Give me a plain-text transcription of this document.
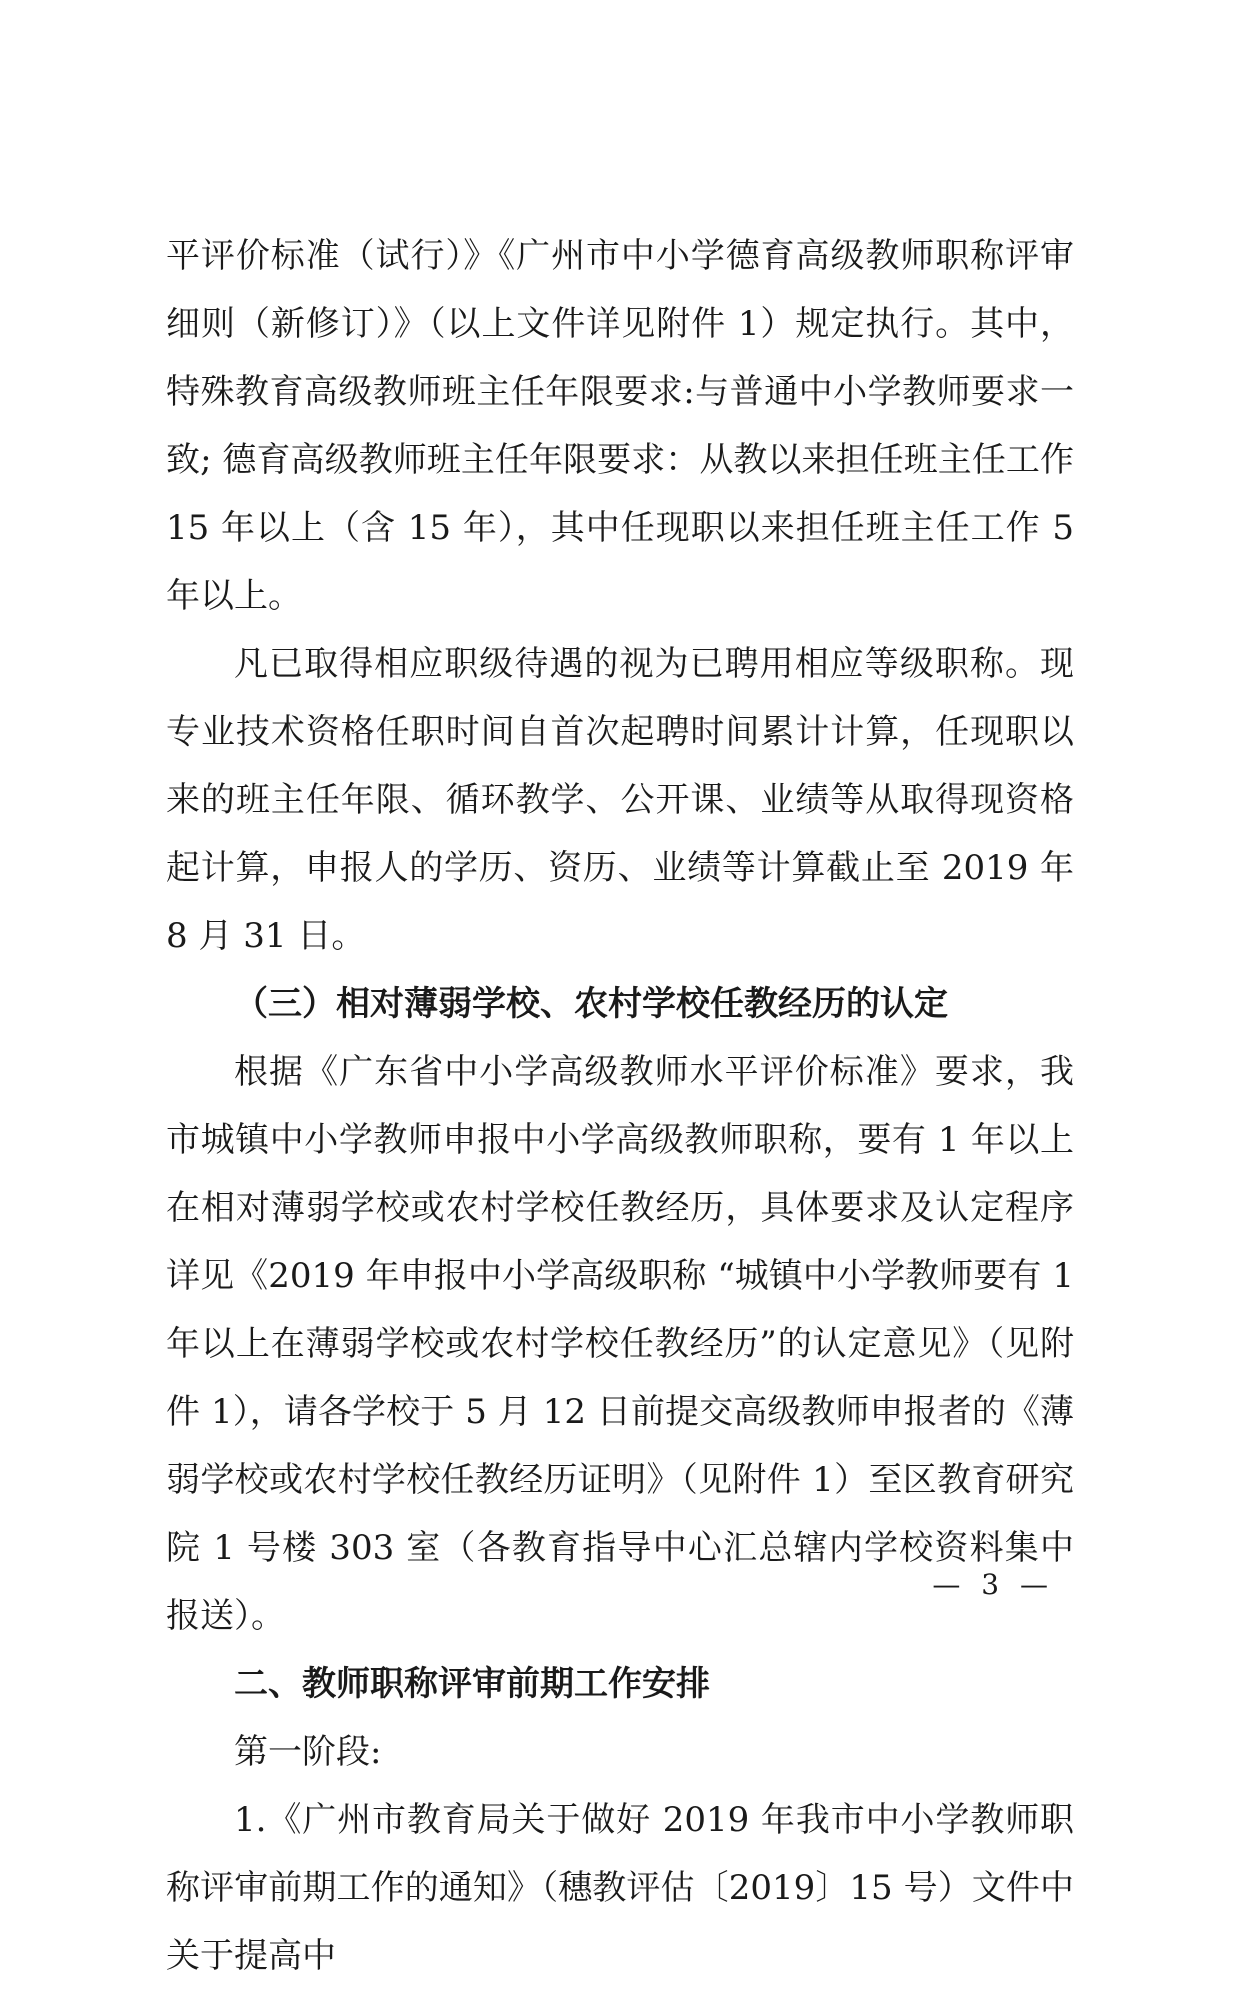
平评价标准（试行）》《广州市中小学德育高级教师职称评审细则（新修订）》（以上文件详见附件 1）规定执行。其中，特殊教育高级教师班主任年限要求:与普通中小学教师要求一致; 德育高级教师班主任年限要求：从教以来担任班主任工作 15 年以上（含 15 年），其中任现职以来担任班主任工作 5 年以上。

凡已取得相应职级待遇的视为已聘用相应等级职称。现专业技术资格任职时间自首次起聘时间累计计算，任现职以来的班主任年限、循环教学、公开课、业绩等从取得现资格起计算，申报人的学历、资历、业绩等计算截止至 2019 年 8 月 31 日。

（三）相对薄弱学校、农村学校任教经历的认定

根据《广东省中小学高级教师水平评价标准》要求，我市城镇中小学教师申报中小学高级教师职称，要有 1 年以上在相对薄弱学校或农村学校任教经历，具体要求及认定程序详见《2019 年申报中小学高级职称 “城镇中小学教师要有 1 年以上在薄弱学校或农村学校任教经历”的认定意见》（见附件 1），请各学校于 5 月 12 日前提交高级教师申报者的《薄弱学校或农村学校任教经历证明》（见附件 1）至区教育研究院 1 号楼 303 室（各教育指导中心汇总辖内学校资料集中报送）。

二、教师职称评审前期工作安排

第一阶段:

1.《广州市教育局关于做好 2019 年我市中小学教师职称评审前期工作的通知》（穗教评估〔2019〕15 号）文件中关于提高中

— 3 —
